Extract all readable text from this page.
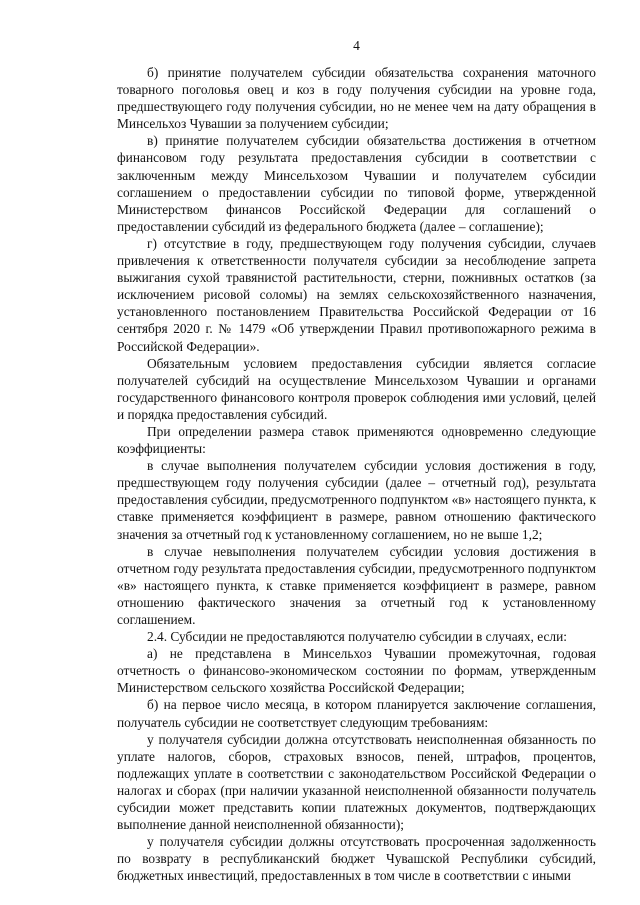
4

б) принятие получателем субсидии обязательства сохранения маточного товарного поголовья овец и коз в году получения субсидии на уровне года, предшествующего году получения субсидии, но не менее чем на дату обращения в Минсельхоз Чувашии за получением субсидии;

в) принятие получателем субсидии обязательства достижения в отчетном финансовом году результата предоставления субсидии в соответствии с заключенным между Минсельхозом Чувашии и получателем субсидии соглашением о предоставлении субсидии по типовой форме, утвержденной Министерством финансов Российской Федерации для соглашений о предоставлении субсидий из федерального бюджета (далее – соглашение);

г) отсутствие в году, предшествующем году получения субсидии, случаев привлечения к ответственности получателя субсидии за несоблюдение запрета выжигания сухой травянистой растительности, стерни, пожнивных остатков (за исключением рисовой соломы) на землях сельскохозяйственного назначения, установленного постановлением Правительства Российской Федерации от 16 сентября 2020 г. № 1479 «Об утверждении Правил противопожарного режима в Российской Федерации».

Обязательным условием предоставления субсидии является согласие получателей субсидий на осуществление Минсельхозом Чувашии и органами государственного финансового контроля проверок соблюдения ими условий, целей и порядка предоставления субсидий.

При определении размера ставок применяются одновременно следующие коэффициенты:

в случае выполнения получателем субсидии условия достижения в году, предшествующем году получения субсидии (далее – отчетный год), результата предоставления субсидии, предусмотренного подпунктом «в» настоящего пункта, к ставке применяется коэффициент в размере, равном отношению фактического значения за отчетный год к установленному соглашением, но не выше 1,2;

в случае невыполнения получателем субсидии условия достижения в отчетном году результата предоставления субсидии, предусмотренного подпунктом «в» настоящего пункта, к ставке применяется коэффициент в размере, равном отношению фактического значения за отчетный год к установленному соглашением.

2.4. Субсидии не предоставляются получателю субсидии в случаях, если:

а) не представлена в Минсельхоз Чувашии промежуточная, годовая отчетность о финансово-экономическом состоянии по формам, утвержденным Министерством сельского хозяйства Российской Федерации;

б) на первое число месяца, в котором планируется заключение соглашения, получатель субсидии не соответствует следующим требованиям:

у получателя субсидии должна отсутствовать неисполненная обязанность по уплате налогов, сборов, страховых взносов, пеней, штрафов, процентов, подлежащих уплате в соответствии с законодательством Российской Федерации о налогах и сборах (при наличии указанной неисполненной обязанности получатель субсидии может представить копии платежных документов, подтверждающих выполнение данной неисполненной обязанности);

у получателя субсидии должны отсутствовать просроченная задолженность по возврату в республиканский бюджет Чувашской Республики субсидий, бюджетных инвестиций, предоставленных в том числе в соответствии с иными
